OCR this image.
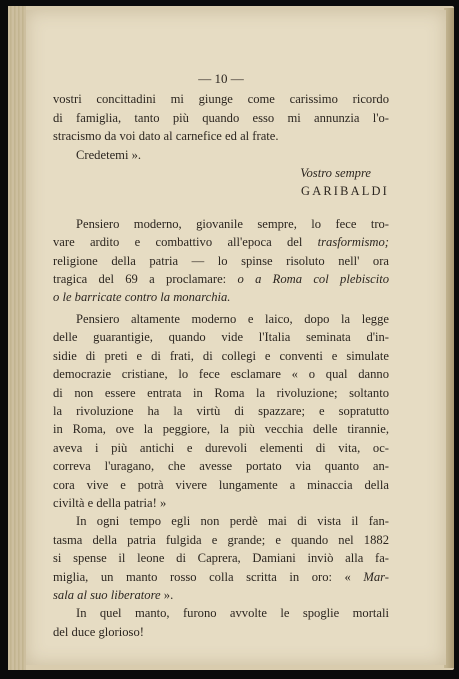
— 10 —
vostri concittadini mi giunge come carissimo ricordo
di famiglia, tanto più quando esso mi annunzia l'o-
stracismo da voi dato al carnefice ed al frate.
Credetemi ».
Vostro sempre
GARIBALDI
Pensiero moderno, giovanile sempre, lo fece tro-
vare ardito e combattivo all'epoca del trasformismo;
religione della patria — lo spinse risoluto nell' ora
tragica del 69 a proclamare: o a Roma col plebiscito
o le barricate contro la monarchia.
Pensiero altamente moderno e laico, dopo la legge
delle guarantigie, quando vide l'Italia seminata d'in-
sidie di preti e di frati, di collegi e conventi e simulate
democrazie cristiane, lo fece esclamare « o qual danno
di non essere entrata in Roma la rivoluzione; soltanto
la rivoluzione ha la virtù di spazzare; e sopratutto
in Roma, ove la peggiore, la più vecchia delle tirannie,
aveva i più antichi e durevoli elementi di vita, oc-
correva l'uragano, che avesse portato via quanto an-
cora vive e potrà vivere lungamente a minaccia della
civiltà e della patria! »
In ogni tempo egli non perdè mai di vista il fan-
tasma della patria fulgida e grande; e quando nel 1882
si spense il leone di Caprera, Damiani inviò alla fa-
miglia, un manto rosso colla scritta in oro: « Mar-
sala al suo liberatore ».
In quel manto, furono avvolte le spoglie mortali
del duce glorioso!
